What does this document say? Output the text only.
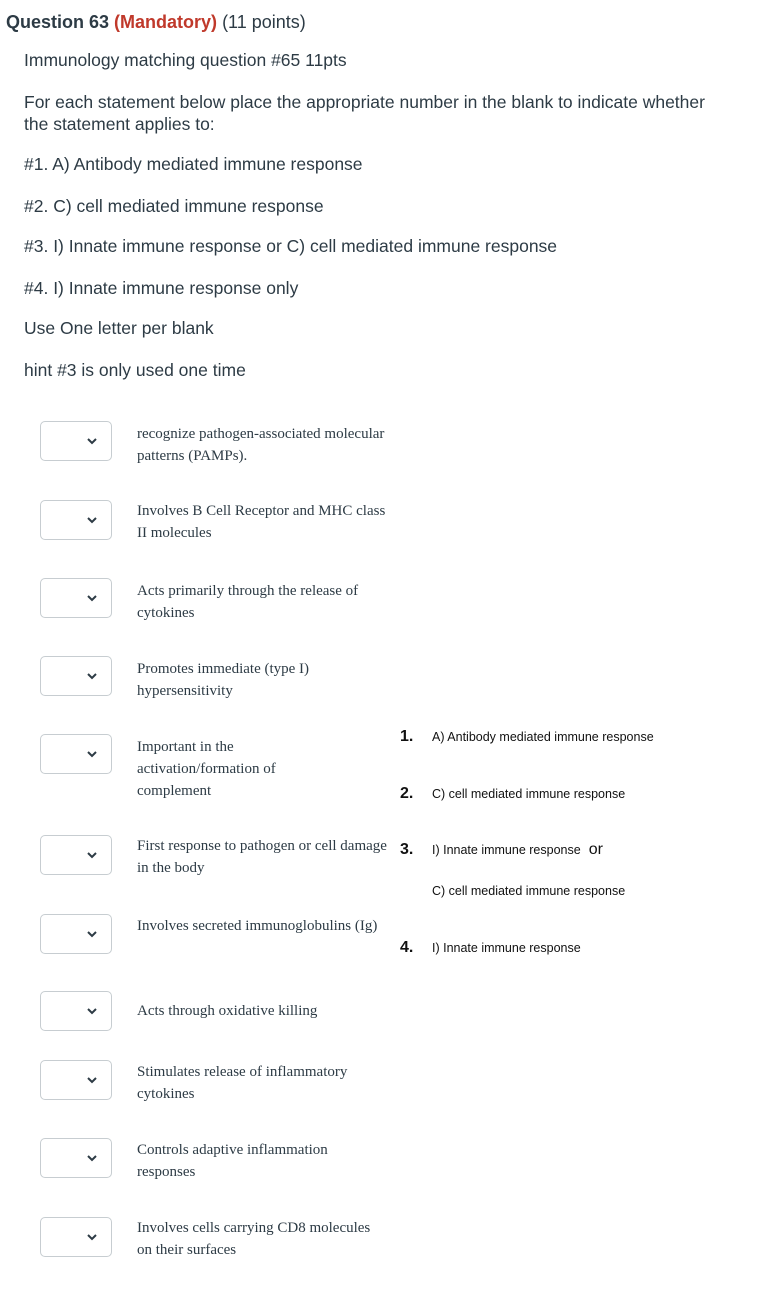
Question 63 (Mandatory) (11 points)
Immunology matching question #65 11pts
For each statement below place the appropriate number in the blank to indicate whether the statement applies to:
#1. A) Antibody mediated immune response
#2. C) cell mediated immune response
#3. I) Innate immune response or C) cell mediated immune response
#4. I) Innate immune response only
Use One letter per blank
hint #3 is only used one time
recognize pathogen-associated molecular patterns (PAMPs).
Involves B Cell Receptor and MHC class II molecules
Acts primarily through the release of cytokines
Promotes immediate (type I) hypersensitivity
Important in the activation/formation of complement
First response to pathogen or cell damage in the body
Involves secreted immunoglobulins (Ig)
Acts through oxidative killing
Stimulates release of inflammatory cytokines
Controls adaptive inflammation responses
Involves cells carrying CD8 molecules on their surfaces
1. A) Antibody mediated immune response
2. C) cell mediated immune response
3. I) Innate immune response or
C) cell mediated immune response
4. I) Innate immune response
